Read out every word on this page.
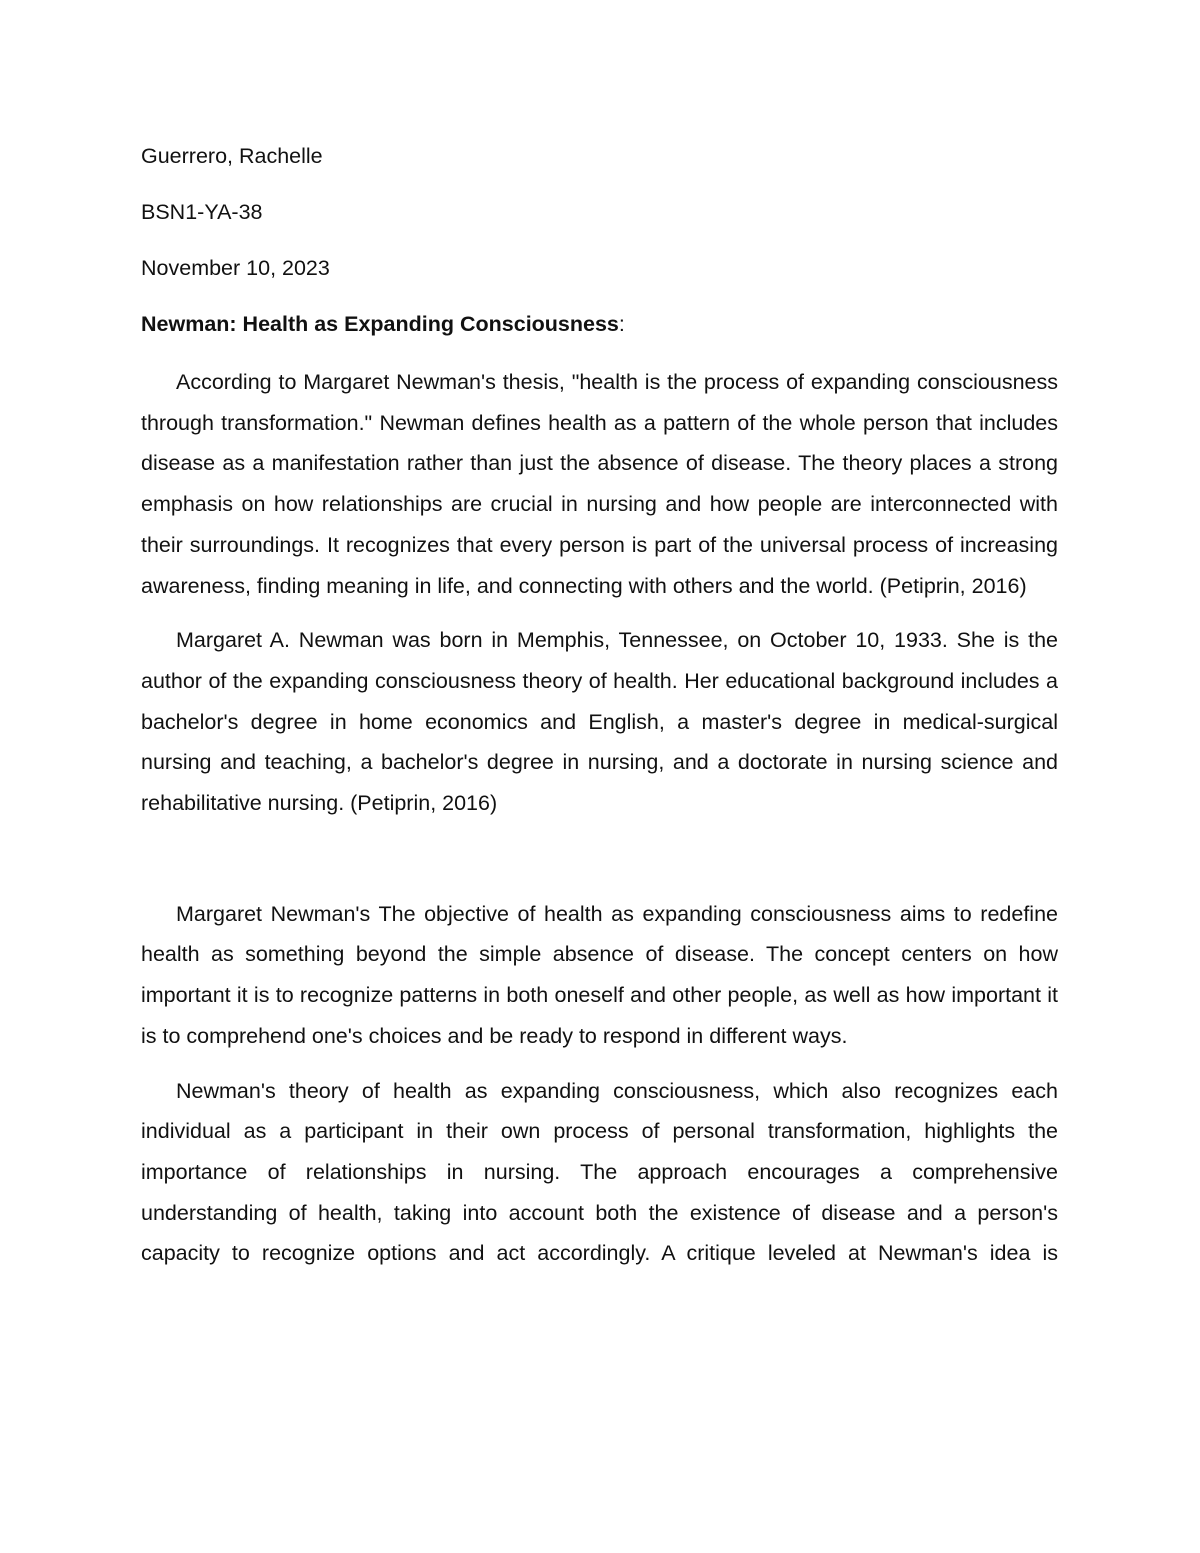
Guerrero, Rachelle

BSN1-YA-38

November 10, 2023

Newman: Health as Expanding Consciousness:

According to Margaret Newman's thesis, "health is the process of expanding consciousness through transformation." Newman defines health as a pattern of the whole person that includes disease as a manifestation rather than just the absence of disease. The theory places a strong emphasis on how relationships are crucial in nursing and how people are interconnected with their surroundings. It recognizes that every person is part of the universal process of increasing awareness, finding meaning in life, and connecting with others and the world. (Petiprin, 2016)

Margaret A. Newman was born in Memphis, Tennessee, on October 10, 1933. She is the author of the expanding consciousness theory of health. Her educational background includes a bachelor's degree in home economics and English, a master's degree in medical-surgical nursing and teaching, a bachelor's degree in nursing, and a doctorate in nursing science and rehabilitative nursing. (Petiprin, 2016)

Margaret Newman's The objective of health as expanding consciousness aims to redefine health as something beyond the simple absence of disease. The concept centers on how important it is to recognize patterns in both oneself and other people, as well as how important it is to comprehend one's choices and be ready to respond in different ways.

Newman's theory of health as expanding consciousness, which also recognizes each individual as a participant in their own process of personal transformation, highlights the importance of relationships in nursing. The approach encourages a comprehensive understanding of health, taking into account both the existence of disease and a person's capacity to recognize options and act accordingly. A critique leveled at Newman's idea is
